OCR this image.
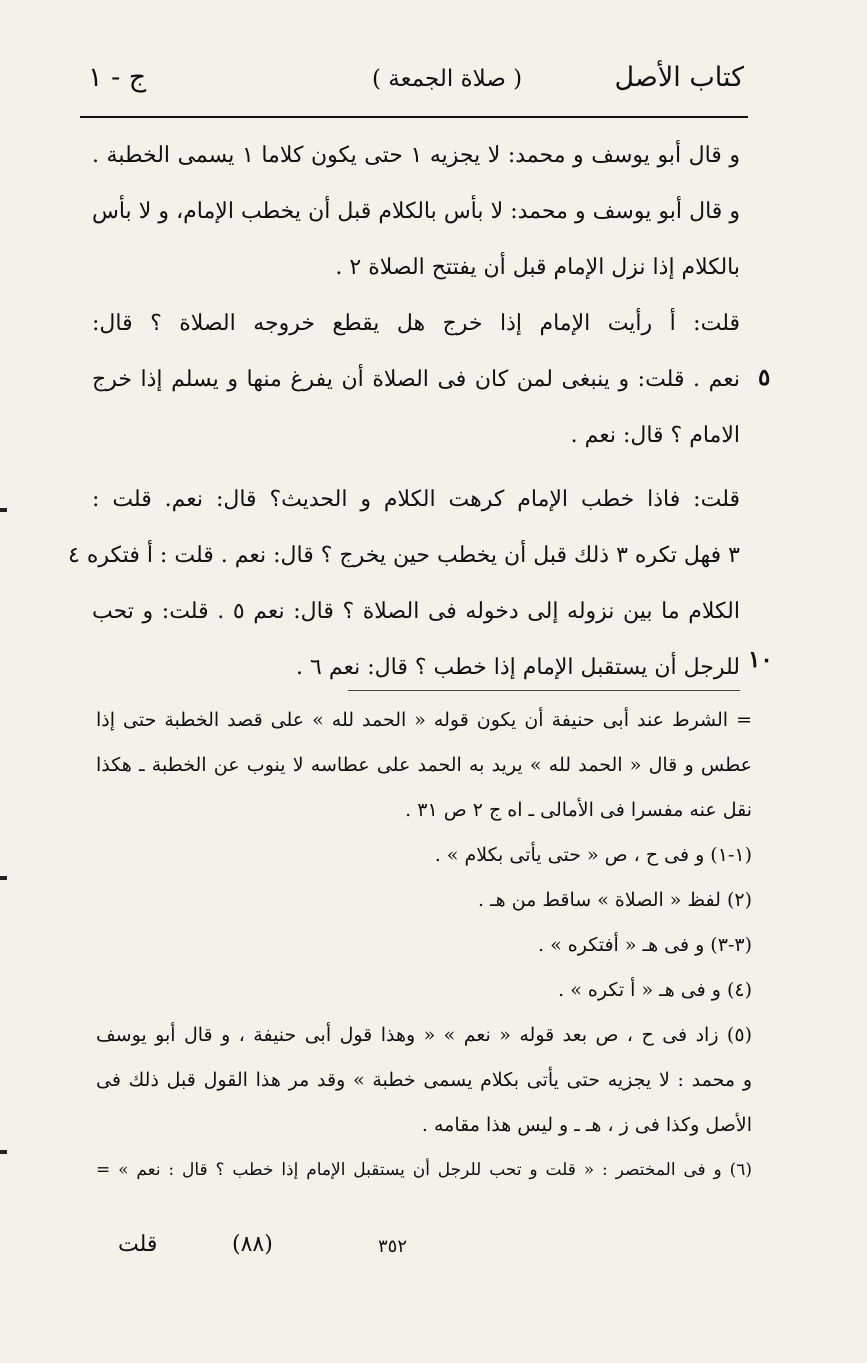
كتاب الأصل
( صلاة الجمعة )
ج - ١
و قال أبو يوسف و محمد: لا يجزيه ١ حتى يكون كلاما ١ يسمى الخطبة .
و قال أبو يوسف و محمد: لا بأس بالكلام قبل أن يخطب الإمام، و لا بأس
بالكلام إذا نزل الإمام قبل أن يفتتح الصلاة ٢ .
قلت: أ رأيت الإمام إذا خرج هل يقطع خروجه الصلاة ؟ قال:
نعم . قلت: و ينبغى لمن كان فى الصلاة أن يفرغ منها و يسلم إذا خرج
الامام ؟ قال: نعم .
قلت: فاذا خطب الإمام كرهت الكلام و الحديث؟ قال: نعم. قلت :
٣ فهل تكره ٣ ذلك قبل أن يخطب حين يخرج ؟ قال: نعم . قلت : أ فتكره ٤
الكلام ما بين نزوله إلى دخوله فى الصلاة ؟ قال: نعم ٥ . قلت: و تحب
للرجل أن يستقبل الإمام إذا خطب ؟ قال: نعم ٦ .
٥
١٠
= الشرط عند أبى حنيفة أن يكون قوله « الحمد لله » على قصد الخطبة حتى إذا
عطس و قال « الحمد لله » يريد به الحمد على عطاسه لا ينوب عن الخطبة ـ هكذا
نقل عنه مفسرا فى الأمالى ـ اه ج ٢ ص ٣١ .
(١-١) و فى ح ، ص « حتى يأتى بكلام » .
(٢) لفظ « الصلاة » ساقط من هـ .
(٣-٣) و فى هـ « أفتكره » .
(٤) و فى هـ « أ تكره » .
(٥) زاد فى ح ، ص بعد قوله « نعم » « وهذا قول أبى حنيفة ، و قال أبو يوسف
و محمد : لا يجزيه حتى يأتى بكلام يسمى خطبة » وقد مر هذا القول قبل ذلك فى
الأصل وكذا فى ز ، هـ ـ و ليس هذا مقامه .
(٦) و فى المختصر : « قلت و تحب للرجل أن يستقبل الإمام إذا خطب ؟ قال : نعم » =
قلت	(٨٨)	٣٥٢
